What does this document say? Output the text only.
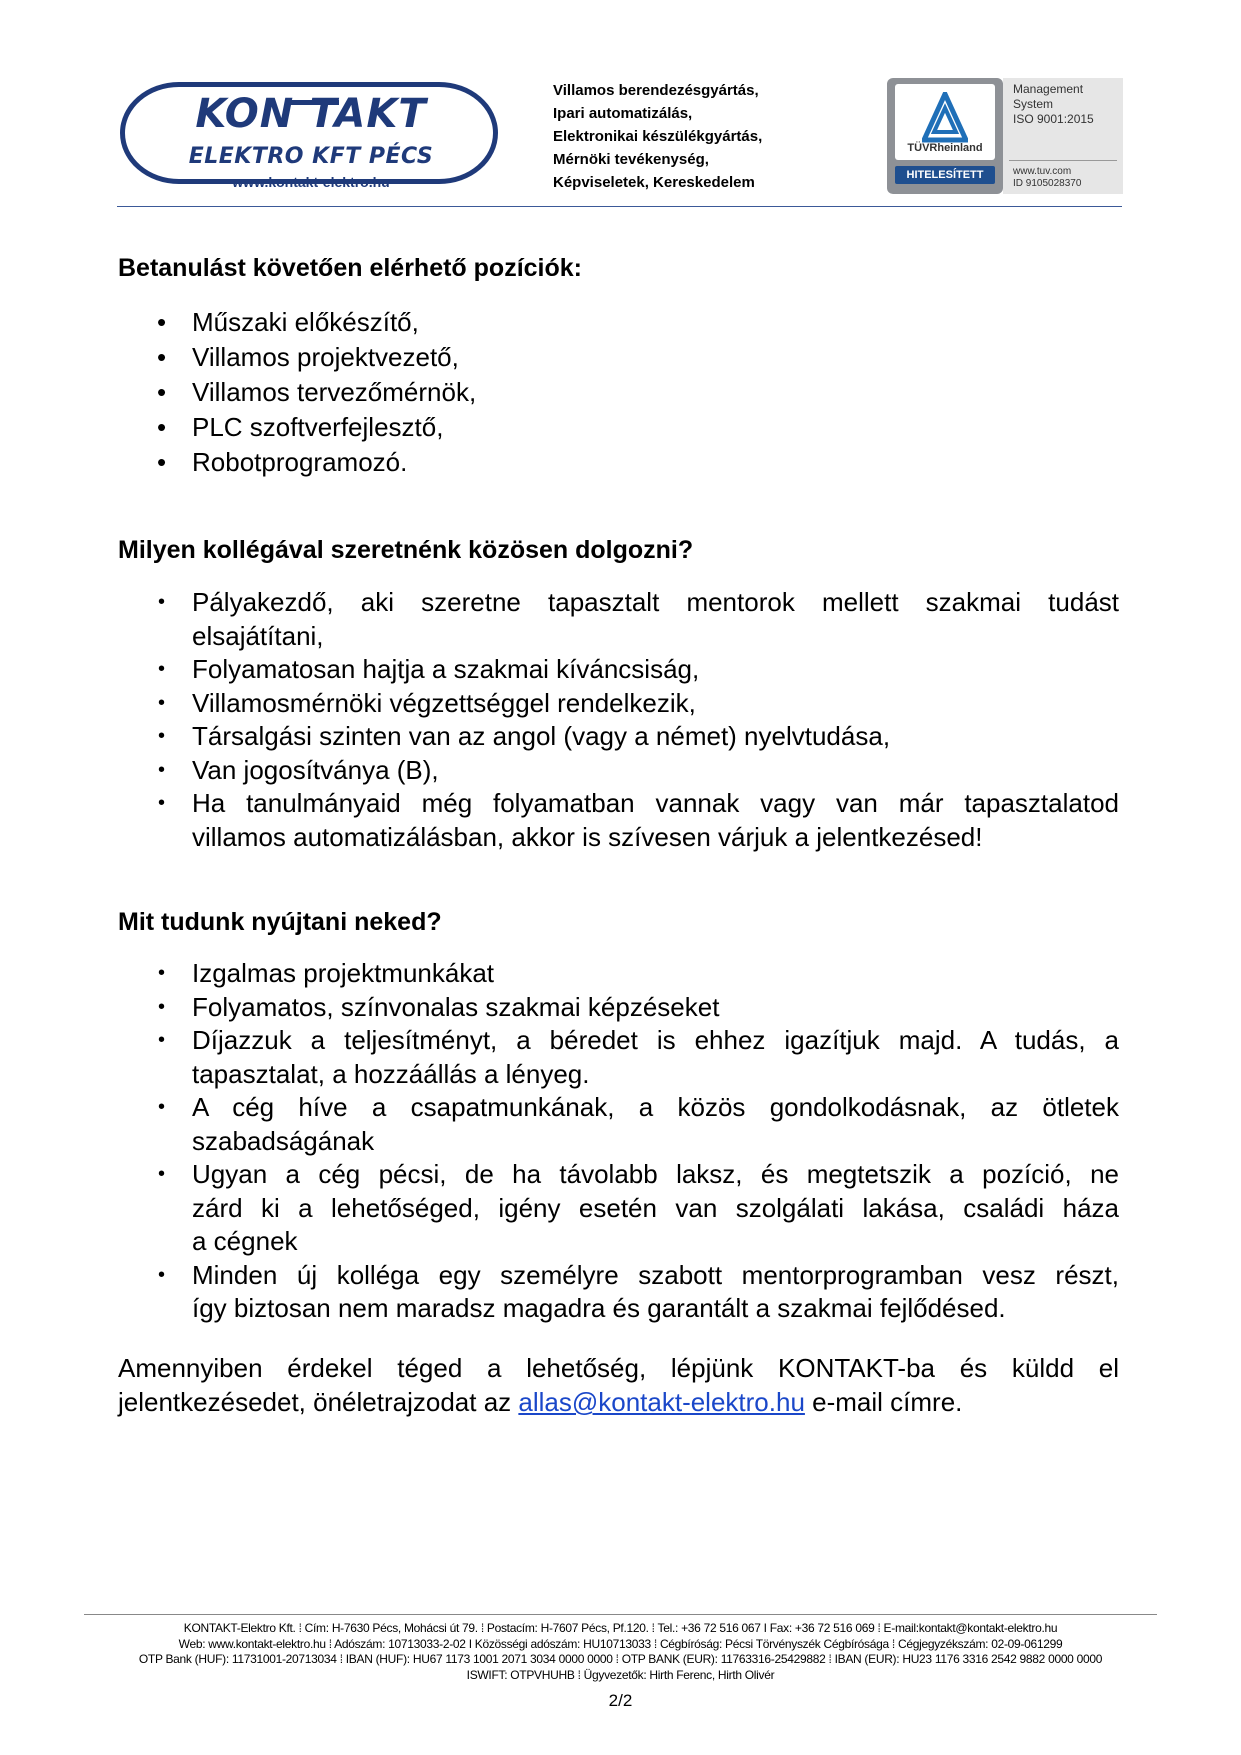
KON TAKT
ELEKTRO KFT PÉCS
www.kontakt-elektro.hu
Villamos berendezésgyártás,
Ipari automatizálás,
Elektronikai készülékgyártás,
Mérnöki tevékenység,
Képviseletek, Kereskedelem
TÜVRheinland
HITELESÍTETT
Management
System
ISO 9001:2015
www.tuv.com
ID 9105028370
Betanulást követően elérhető pozíciók:
• Műszaki előkészítő,
• Villamos projektvezető,
• Villamos tervezőmérnök,
• PLC szoftverfejlesztő,
• Robotprogramozó.
Milyen kollégával szeretnénk közösen dolgozni?
• Pályakezdő, aki szeretne tapasztalt mentorok mellett szakmai tudást
elsajátítani,
• Folyamatosan hajtja a szakmai kíváncsiság,
• Villamosmérnöki végzettséggel rendelkezik,
• Társalgási szinten van az angol (vagy a német) nyelvtudása,
• Van jogosítványa (B),
• Ha tanulmányaid még folyamatban vannak vagy van már tapasztalatod
villamos automatizálásban, akkor is szívesen várjuk a jelentkezésed!
Mit tudunk nyújtani neked?
• Izgalmas projektmunkákat
• Folyamatos, színvonalas szakmai képzéseket
• Díjazzuk a teljesítményt, a béredet is ehhez igazítjuk majd. A tudás, a
tapasztalat, a hozzáállás a lényeg.
• A cég híve a csapatmunkának, a közös gondolkodásnak, az ötletek
szabadságának
• Ugyan a cég pécsi, de ha távolabb laksz, és megtetszik a pozíció, ne
zárd ki a lehetőséged, igény esetén van szolgálati lakása, családi háza
a cégnek
• Minden új kolléga egy személyre szabott mentorprogramban vesz részt,
így biztosan nem maradsz magadra és garantált a szakmai fejlődésed.
Amennyiben érdekel téged a lehetőség, lépjünk KONTAKT-ba és küldd el
jelentkezésedet, önéletrajzodat az allas@kontakt-elektro.hu e-mail címre.
KONTAKT-Elektro Kft. ⁞ Cím: H-7630 Pécs, Mohácsi út 79. ⁞ Postacím: H-7607 Pécs, Pf.120. ⁞ Tel.: +36 72 516 067 I Fax: +36 72 516 069 ⁞ E-mail:kontakt@kontakt-elektro.hu
Web: www.kontakt-elektro.hu ⁞ Adószám: 10713033-2-02 I Közösségi adószám: HU10713033 ⁞ Cégbíróság: Pécsi Törvényszék Cégbírósága ⁞ Cégjegyzékszám: 02-09-061299
OTP Bank (HUF): 11731001-20713034 ⁞ IBAN (HUF): HU67 1173 1001 2071 3034 0000 0000 ⁞ OTP BANK (EUR): 11763316-25429882 ⁞ IBAN (EUR): HU23 1176 3316 2542 9882 0000 0000
ISWIFT: OTPVHUHB ⁞ Ügyvezetők: Hirth Ferenc, Hirth Olivér
2/2
